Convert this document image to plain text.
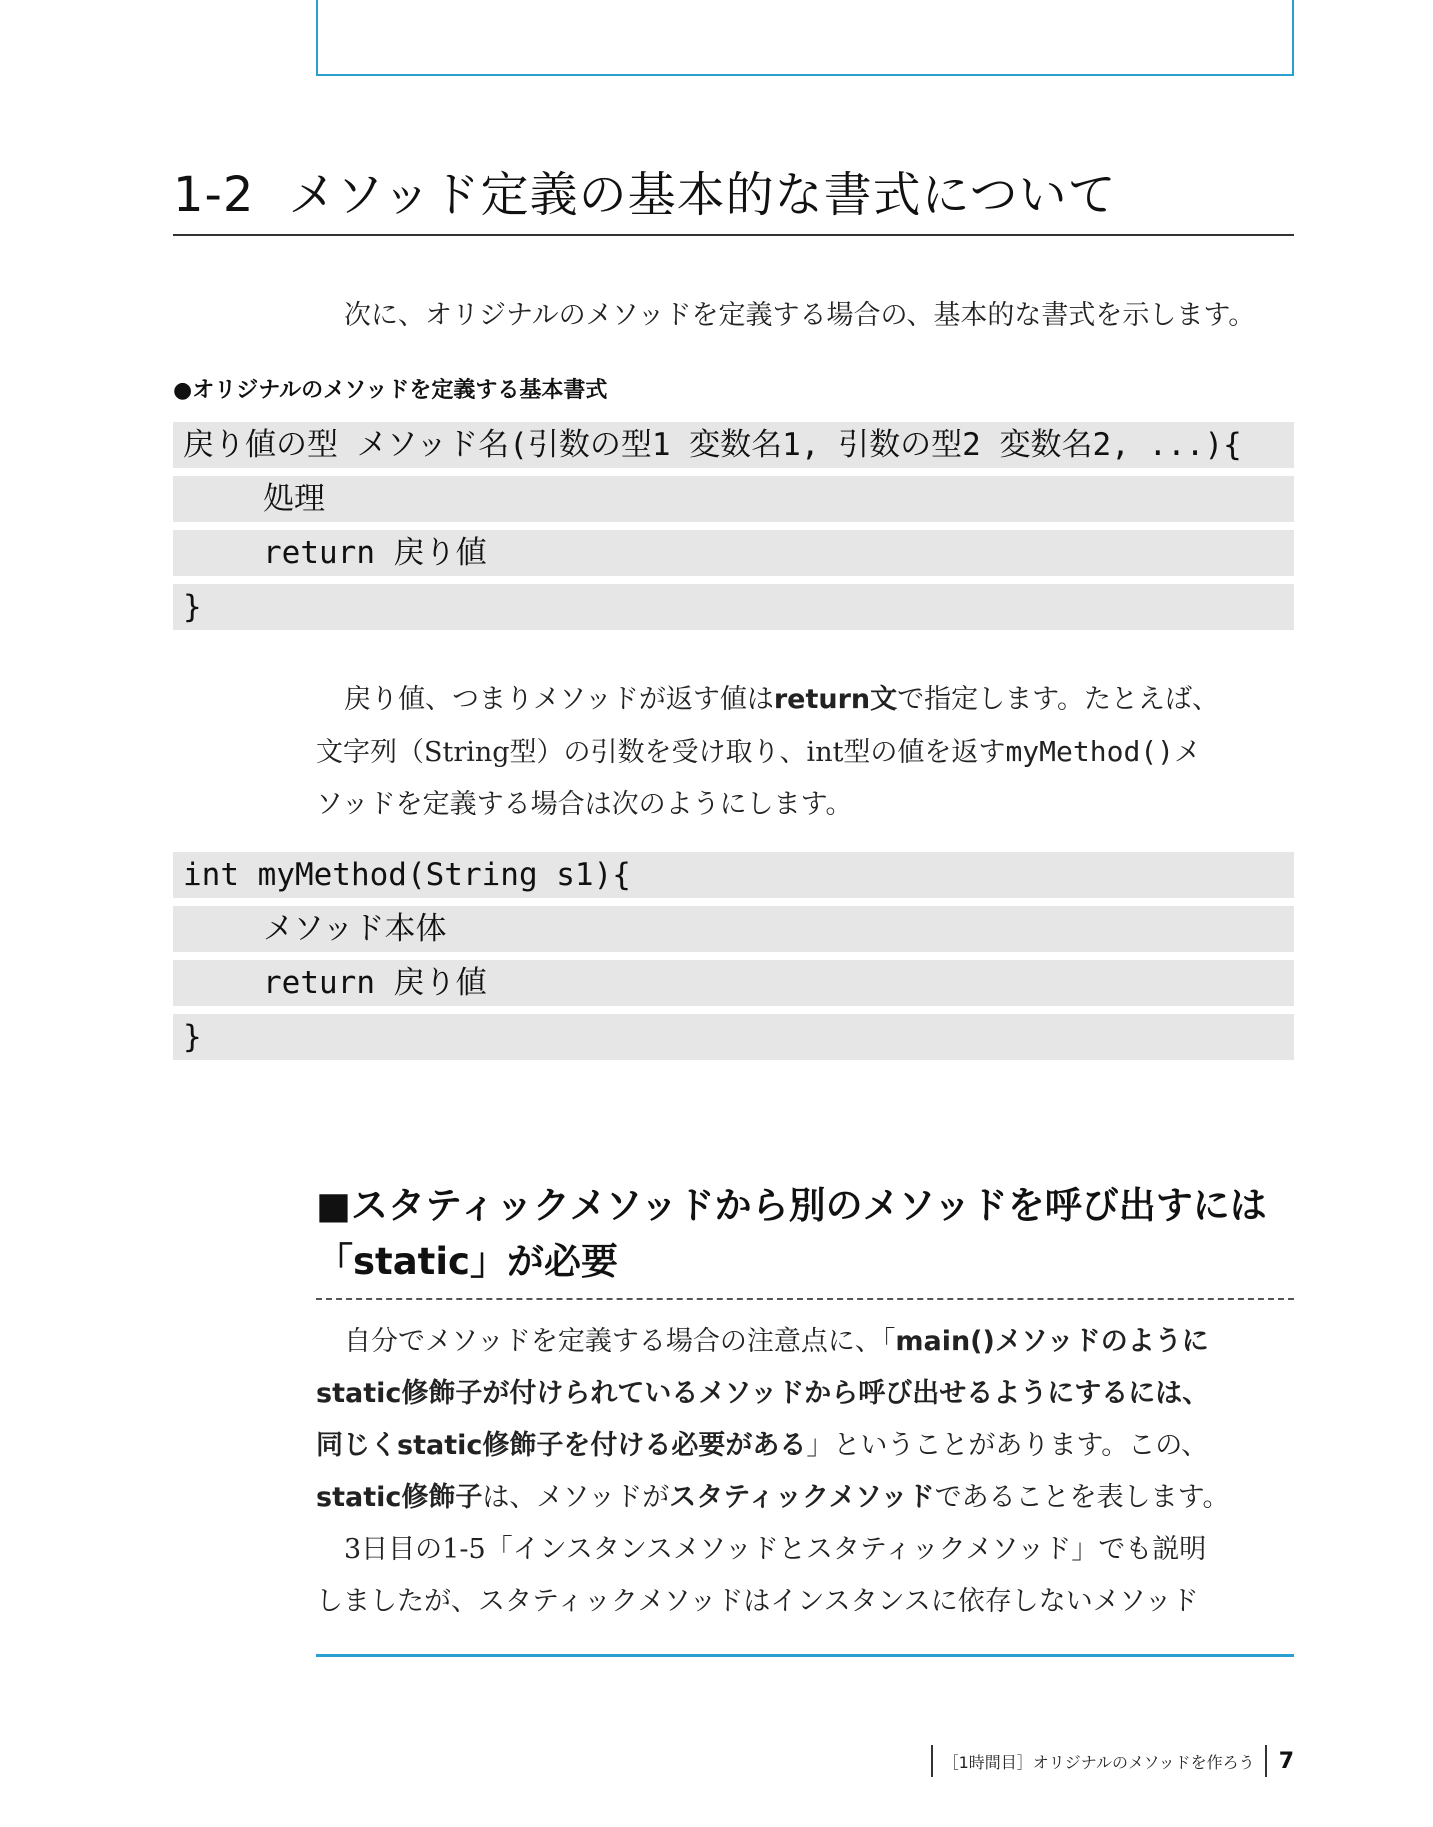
1-2 メソッド定義の基本的な書式について
次に、オリジナルのメソッドを定義する場合の、基本的な書式を示します。
●オリジナルのメソッドを定義する基本書式
戻り値の型 メソッド名(引数の型1 変数名1, 引数の型2 変数名2, ...){
処理
return 戻り値
}
戻り値、つまりメソッドが返す値はreturn文で指定します。たとえば、
文字列（String型）の引数を受け取り、int型の値を返すmyMethod()メ
ソッドを定義する場合は次のようにします。
int myMethod(String s1){
メソッド本体
return 戻り値
}
■スタティックメソッドから別のメソッドを呼び出すには
「static」が必要
自分でメソッドを定義する場合の注意点に、「main()メソッドのように
static修飾子が付けられているメソッドから呼び出せるようにするには、
同じくstatic修飾子を付ける必要がある」ということがあります。この、
static修飾子は、メソッドがスタティックメソッドであることを表します。
3日目の1-5「インスタンスメソッドとスタティックメソッド」でも説明
しましたが、スタティックメソッドはインスタンスに依存しないメソッド
［1時間目］オリジナルのメソッドを作ろう	7
